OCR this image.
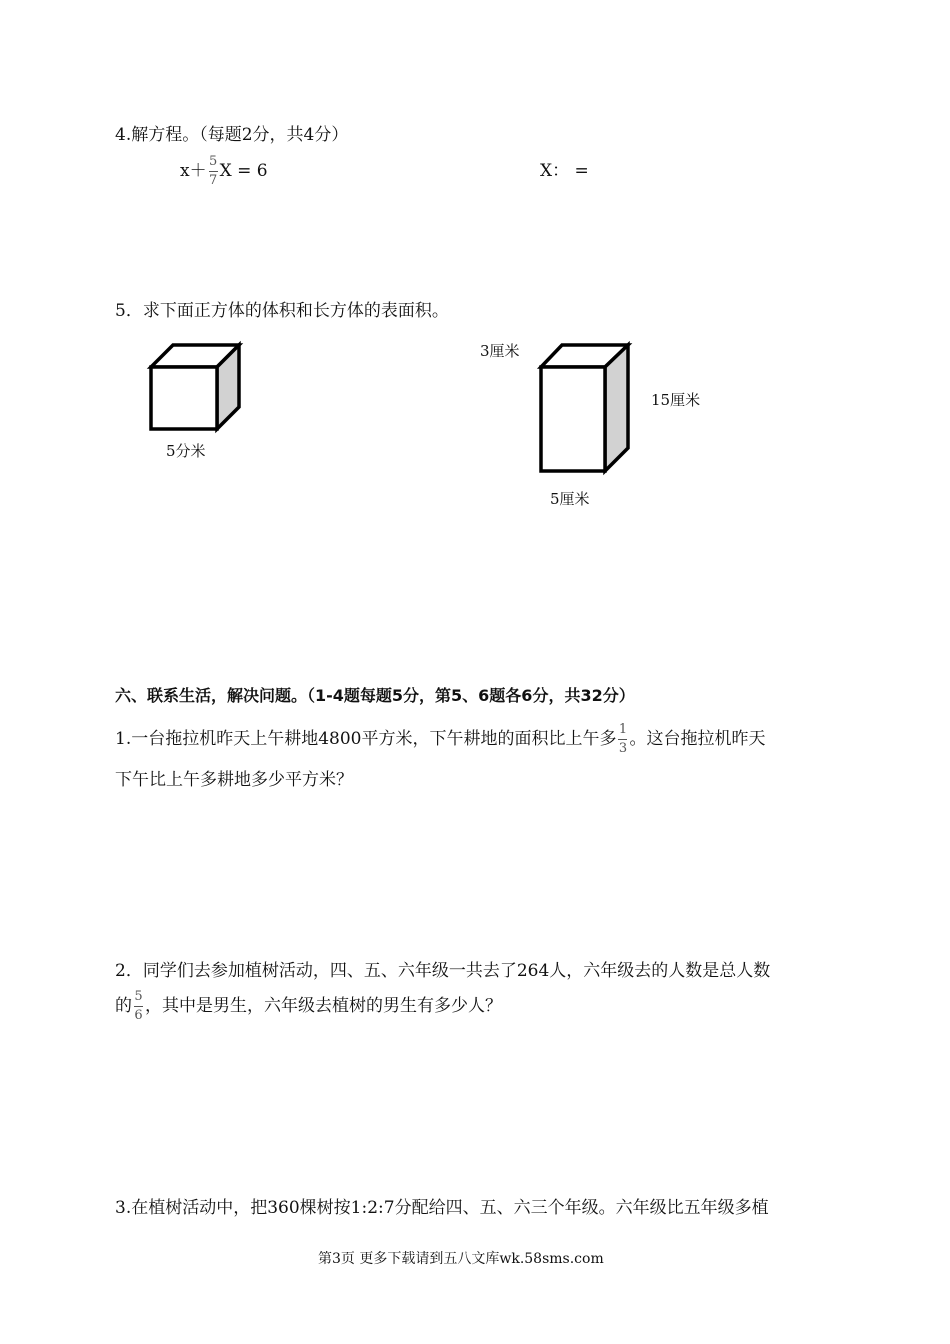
4.解方程。（每题2分，共4分）
$x+ \frac{5}{7}$ X = 6	X： =
5．求下面正方体的体积和长方体的表面积。
5分米
3厘米
15厘米
5厘米
六、联系生活，解决问题。（1-4题每题5分，第5、6题各6分，共32分）
1.一台拖拉机昨天上午耕地4800平方米，下午耕地的面积比上午多 $\frac{1}{3}$ 。这台拖拉机昨天
下午比上午多耕地多少平方米？
2．同学们去参加植树活动，四、五、六年级一共去了264人，六年级去的人数是总人数
的 $\frac{5}{6}$ ，其中是男生，六年级去植树的男生有多少人？
3.在植树活动中，把360棵树按1:2:7分配给四、五、六三个年级。六年级比五年级多植
第3页 更多下载请到五八文库wk.58sms.com
